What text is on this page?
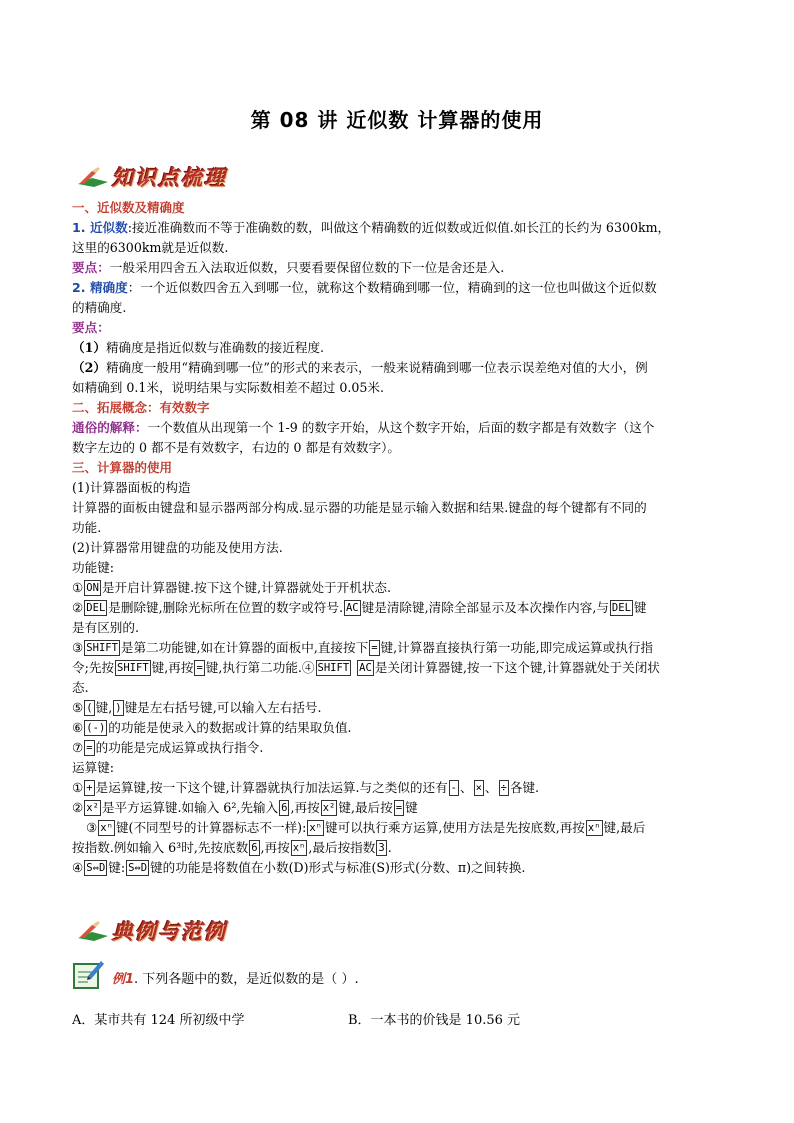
第 08 讲 近似数 计算器的使用
知识点梳理

一、近似数及精确度

1. 近似数:接近准确数而不等于准确数的数，叫做这个精确数的近似数或近似值.如长江的长约为 6300km，

这里的6300km就是近似数.

要点：一般采用四舍五入法取近似数，只要看要保留位数的下一位是舍还是入.

2. 精确度：一个近似数四舍五入到哪一位，就称这个数精确到哪一位，精确到的这一位也叫做这个近似数

的精确度.

要点：

（1）精确度是指近似数与准确数的接近程度.

（2）精确度一般用“精确到哪一位”的形式的来表示，一般来说精确到哪一位表示误差绝对值的大小，例

如精确到 0.1米，说明结果与实际数相差不超过 0.05米.

二、拓展概念：有效数字

通俗的解释：一个数值从出现第一个 1-9 的数字开始，从这个数字开始，后面的数字都是有效数字（这个

数字左边的 0 都不是有效数字，右边的 0 都是有效数字）。

三、计算器的使用

(1)计算器面板的构造

计算器的面板由键盘和显示器两部分构成.显示器的功能是显示输入数据和结果.键盘的每个键都有不同的

功能.

(2)计算器常用键盘的功能及使用方法.

功能键:

① ON 是开启计算器键.按下这个键,计算器就处于开机状态.

② DEL 是删除键,删除光标所在位置的数字或符号. AC 键是清除键,清除全部显示及本次操作内容,与 DEL 键

是有区别的.

③ SHIFT 是第二功能键,如在计算器的面板中,直接按下 = 键,计算器直接执行第一功能,即完成运算或执行指

令;先按 SHIFT 键,再按 = 键,执行第二功能.④ SHIFT AC 是关闭计算器键,按一下这个键,计算器就处于关闭状

态.

⑤ ( 键, ) 键是左右括号键,可以输入左右括号.

⑥ (-) 的功能是使录入的数据或计算的结果取负值.

⑦ = 的功能是完成运算或执行指令.

运算键:

① + 是运算键,按一下这个键,计算器就执行加法运算.与之类似的还有 - 、 × 、 ÷ 各键.

② x² 是平方运算键.如输入 6²,先输入 6 ,再按 x² 键,最后按 = 键

③ xⁿ 键(不同型号的计算器标志不一样): xⁿ 键可以执行乘方运算,使用方法是先按底数,再按 xⁿ 键,最后

按指数.例如输入 6³时,先按底数 6 ,再按 xⁿ ,最后按指数 3 .

④ S⇔D 键: S⇔D 键的功能是将数值在小数(D)形式与标准(S)形式(分数、π)之间转换.

典例与范例
例1. 下列各题中的数，是近似数的是（ ）.
A．某市共有 124 所初级中学	B．一本书的价钱是 10.56 元
